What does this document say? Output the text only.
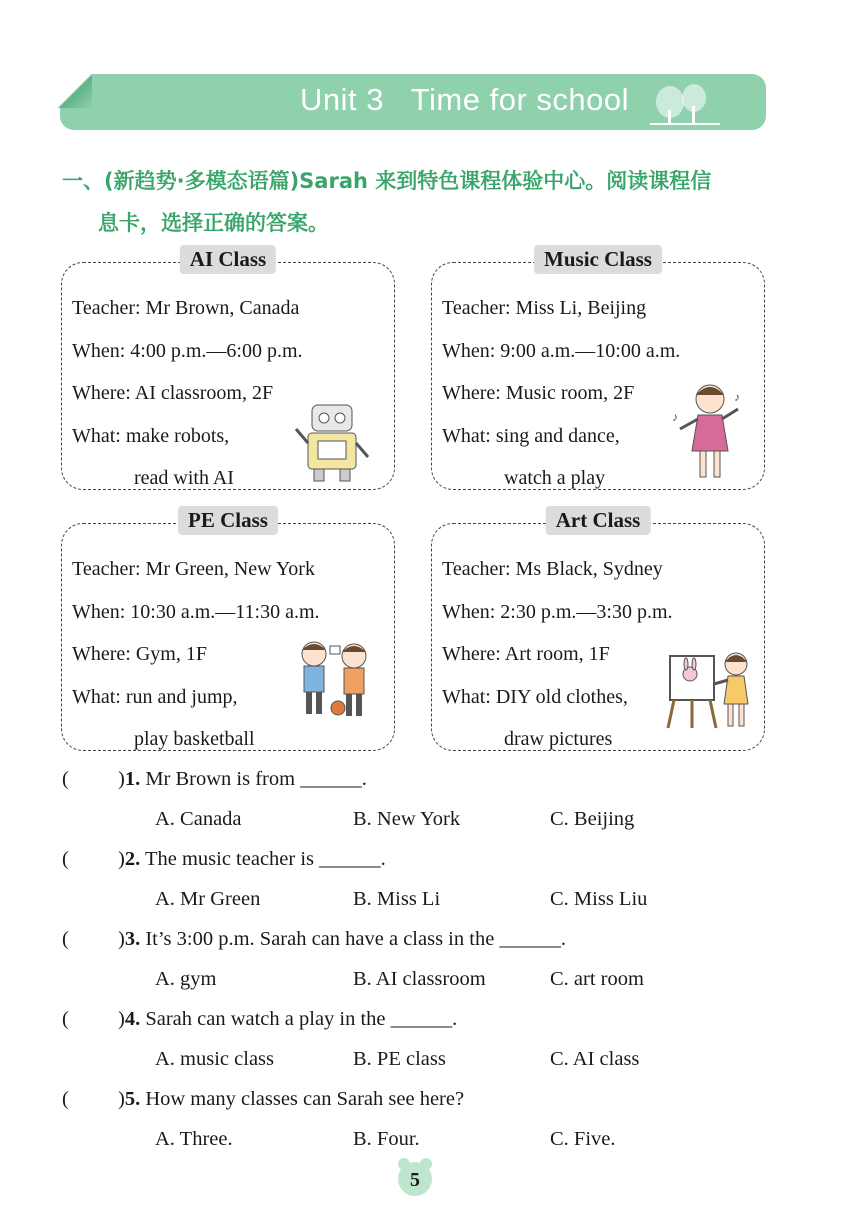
Unit 3   Time for school
一、(新趋势·多模态语篇)Sarah 来到特色课程体验中心。阅读课程信
息卡，选择正确的答案。
AI Class
Teacher: Mr Brown, Canada
When: 4:00 p.m.—6:00 p.m.
Where: AI classroom, 2F
What: make robots,
read with AI
Music Class
Teacher: Miss Li, Beijing
When: 9:00 a.m.—10:00 a.m.
Where: Music room, 2F
What: sing and dance,
watch a play
♪
♪
PE Class
Teacher: Mr Green, New York
When: 10:30 a.m.—11:30 a.m.
Where: Gym, 1F
What: run and jump,
play basketball
Art Class
Teacher: Ms Black, Sydney
When: 2:30 p.m.—3:30 p.m.
Where: Art room, 1F
What: DIY old clothes,
draw pictures
( )1. Mr Brown is from ______.
A. Canada	B. New York	C. Beijing
( )2. The music teacher is ______.
A. Mr Green	B. Miss Li	C. Miss Liu
( )3. It’s 3:00 p.m. Sarah can have a class in the ______.
A. gym	B. AI classroom	C. art room
( )4. Sarah can watch a play in the ______.
A. music class	B. PE class	C. AI class
( )5. How many classes can Sarah see here?
A. Three.	B. Four.	C. Five.
5
